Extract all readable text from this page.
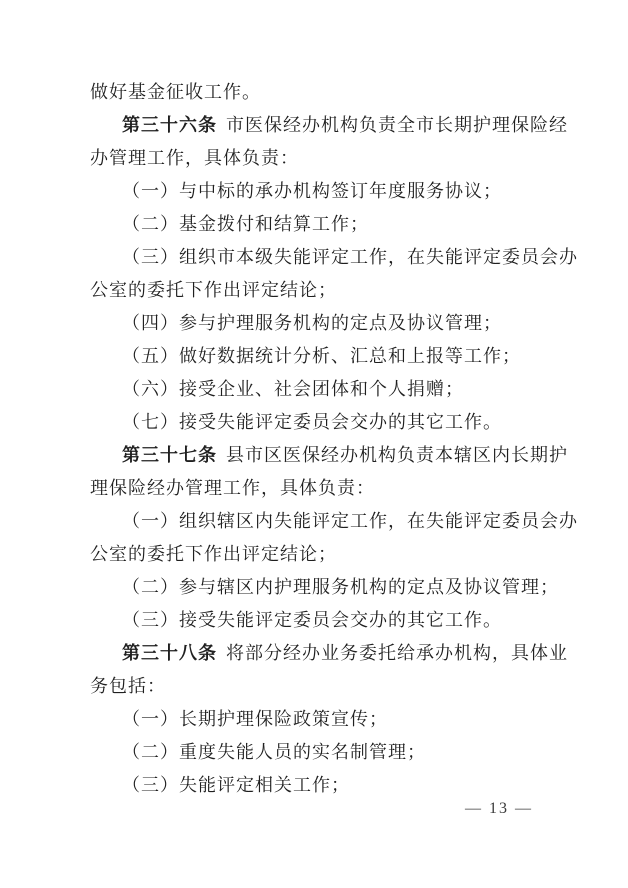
做好基金征收工作。
第三十六条 市医保经办机构负责全市长期护理保险经
办管理工作，具体负责：
（一）与中标的承办机构签订年度服务协议；
（二）基金拨付和结算工作；
（三）组织市本级失能评定工作，在失能评定委员会办
公室的委托下作出评定结论；
（四）参与护理服务机构的定点及协议管理；
（五）做好数据统计分析、汇总和上报等工作；
（六）接受企业、社会团体和个人捐赠；
（七）接受失能评定委员会交办的其它工作。
第三十七条 县市区医保经办机构负责本辖区内长期护
理保险经办管理工作，具体负责：
（一）组织辖区内失能评定工作，在失能评定委员会办
公室的委托下作出评定结论；
（二）参与辖区内护理服务机构的定点及协议管理；
（三）接受失能评定委员会交办的其它工作。
第三十八条 将部分经办业务委托给承办机构，具体业
务包括：
（一）长期护理保险政策宣传；
（二）重度失能人员的实名制管理；
（三）失能评定相关工作；
— 13 —
